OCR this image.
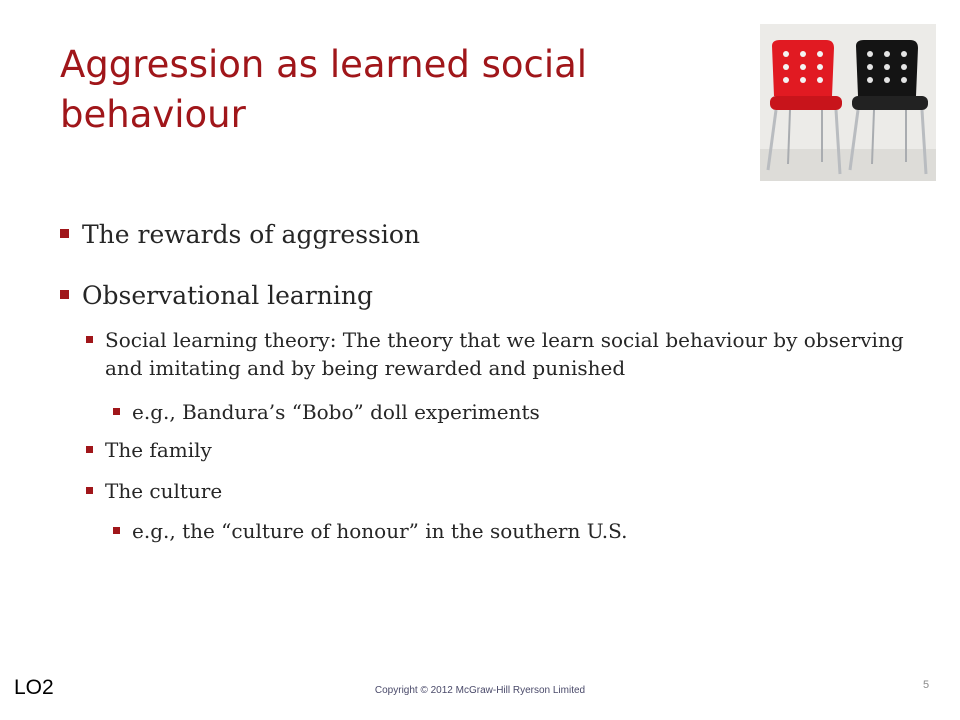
Aggression as learned social behaviour
The rewards of aggression
Observational learning
Social learning theory: The theory that we learn social behaviour by observing and imitating and by being rewarded and punished
e.g., Bandura’s “Bobo” doll experiments
The family
The culture
e.g., the “culture of honour” in the southern U.S.
LO2	Copyright © 2012 McGraw-Hill Ryerson Limited	5
